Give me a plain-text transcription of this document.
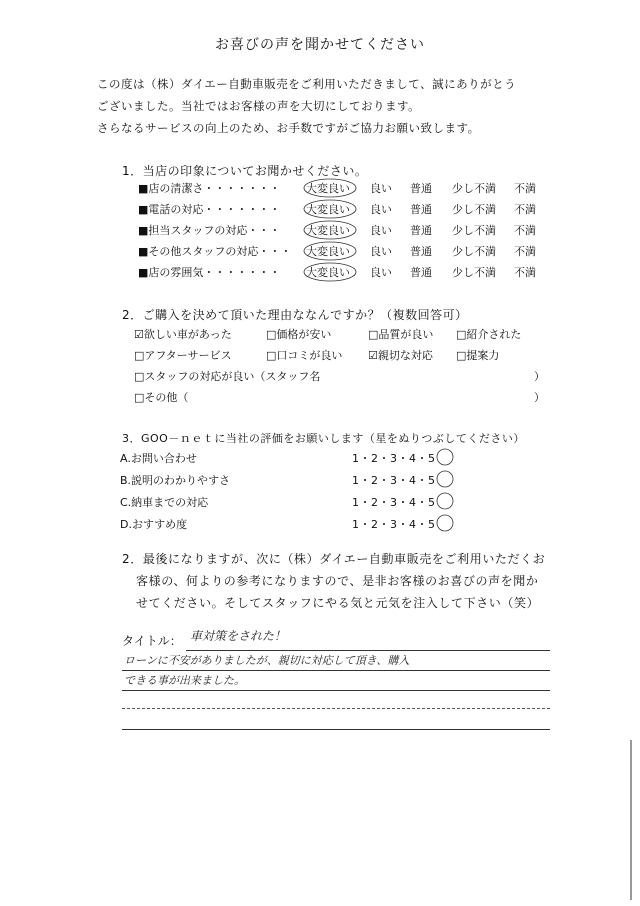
お喜びの声を聞かせてください
この度は（株）ダイエー自動車販売をご利用いただきまして、誠にありがとう
ございました。当社ではお客様の声を大切にしております。
さらなるサービスの向上のため、お手数ですがご協力お願い致します。
1．当店の印象についてお聞かせください。
■店の清潔さ・・・・・・・ 大変良い 良い 普通 少し不満 不満
■電話の対応・・・・・・・ 大変良い 良い 普通 少し不満 不満
■担当スタッフの対応・・・ 大変良い 良い 普通 少し不満 不満
■その他スタッフの対応・・・ 大変良い 良い 普通 少し不満 不満
■店の雰囲気・・・・・・・ 大変良い 良い 普通 少し不満 不満
2．ご購入を決めて頂いた理由ななんですか？（複数回答可）
☑欲しい車があった	□価格が安い	□品質が良い □紹介された
□アフターサービス	□口コミが良い ☑親切な対応 □提案力
□スタッフの対応が良い（スタッフ名	）
□その他（	）
3．GOO－ｎｅｔに当社の評価をお願いします（星をぬりつぶしてください）
A.お問い合わせ	1・2・3・4・5
B.説明のわかりやすさ	1・2・3・4・5
C.納車までの対応	1・2・3・4・5
D.おすすめ度	1・2・3・4・5
2．最後になりますが、次に（株）ダイエー自動車販売をご利用いただくお
客様の、何よりの参考になりますので、是非お客様のお喜びの声を聞か
せてください。そしてスタッフにやる気と元気を注入して下さい（笑）
タイトル： 車対策をされた！
ローンに不安がありましたが、親切に対応して頂き、購入
できる事が出来ました。
